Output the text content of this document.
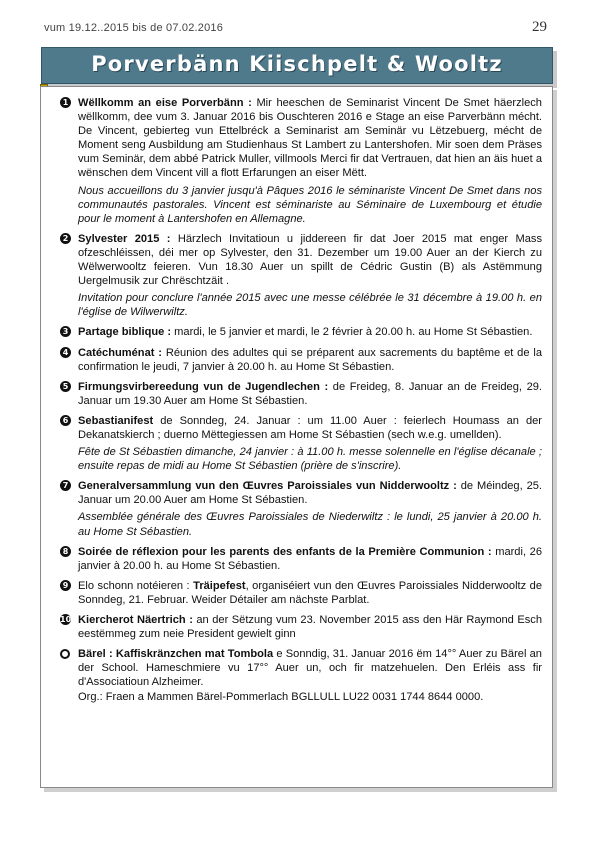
vum 19.12..2015 bis de 07.02.2016	29
Porverbänn Kiischpelt & Wooltz
1 Wëllkomm an eise Porverbänn : Mir heeschen de Seminarist Vincent De Smet häerzlech wëllkomm, dee vum 3. Januar 2016 bis Ouschteren 2016 e Stage an eise Parverbänn mécht. De Vincent, gebierteg vun Ettelbréck a Seminarist am Seminär vu Lëtzebuerg, mécht de Moment seng Ausbildung am Studienhaus St Lambert zu Lantershofen. Mir soen dem Präses vum Seminär, dem abbé Patrick Muller, villmools Merci fir dat Vertrauen, dat hien an äis huet a wënschen dem Vincent vill a flott Erfarungen an eiser Mëtt.
Nous accueillons du 3 janvier jusqu'à Pâques 2016 le séminariste Vincent De Smet dans nos communautés pastorales. Vincent est séminariste au Séminaire de Luxembourg et étudie pour le moment à Lantershofen en Allemagne.
2 Sylvester 2015 : Härzlech Invitatioun u jiddereen fir dat Joer 2015 mat enger Mass ofzeschléissen, déi mer op Sylvester, den 31. Dezember um 19.00 Auer an der Kierch zu Wëlwerwooltz feieren. Vun 18.30 Auer un spillt de Cédric Gustin (B) als Astëmmung Uergelmusik zur Chrëschtzäit .
Invitation pour conclure l'année 2015 avec une messe célébrée le 31 décembre à 19.00 h. en l'église de Wilwerwiltz.
3 Partage biblique : mardi, le 5 janvier et mardi, le 2 février à 20.00 h. au Home St Sébastien.
4 Catéchuménat : Réunion des adultes qui se préparent aux sacrements du baptême et de la confirmation le jeudi, 7 janvier à 20.00 h. au Home St Sébastien.
5 Firmungsvirbereedung vun de Jugendlechen : de Freideg, 8. Januar an de Freideg, 29. Januar um 19.30 Auer am Home St Sébastien.
6 Sebastianifest de Sonndeg, 24. Januar : um 11.00 Auer : feierlech Houmass an der Dekanatskierch ; duerno Mëttegiessen am Home St Sébastien (sech w.e.g. umellden).
Fête de St Sébastien dimanche, 24 janvier : à 11.00 h. messe solennelle en l'église décanale ; ensuite repas de midi au Home St Sébastien (prière de s'inscrire).
7 Generalversammlung vun den Œuvres Paroissiales vun Nidderwooltz : de Méindeg, 25. Januar um 20.00 Auer am Home St Sébastien.
Assemblée générale des Œuvres Paroissiales de Niederwiltz : le lundi, 25 janvier à 20.00 h. au Home St Sébastien.
8 Soirée de réflexion pour les parents des enfants de la Première Communion : mardi, 26 janvier à 20.00 h. au Home St Sébastien.
9 Elo schonn notéieren : Träipefest, organiséiert vun den Œuvres Paroissiales Nidderwooltz de Sonndeg, 21. Februar. Weider Détailer am nächste Parblat.
10 Kiercherot Näertrich : an der Sëtzung vum 23. November 2015 ass den Här Raymond Esch eestëmmeg zum neie President gewielt ginn
Bärel : Kaffiskränzchen mat Tombola e Sonndig, 31. Januar 2016 ëm 14°° Auer zu Bärel an der School. Hameschmiere vu 17°° Auer un, och fir matzehuelen. Den Erléis ass fir d'Associatioun Alzheimer.
Org.: Fraen a Mammen Bärel-Pommerlach BGLLULL LU22 0031 1744 8644 0000.
